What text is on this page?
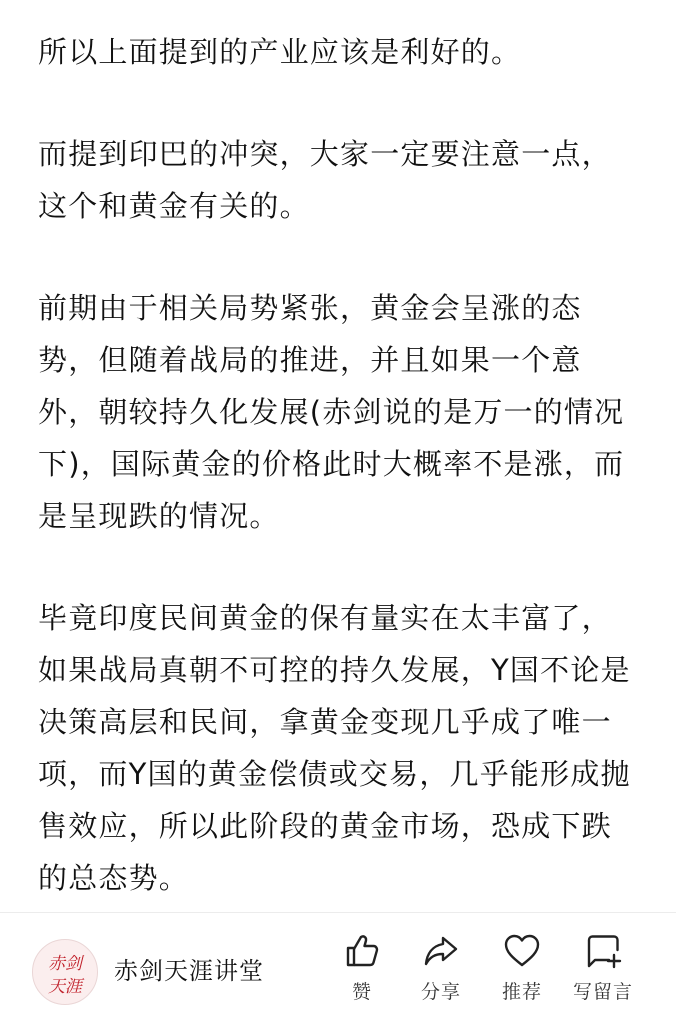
所以上面提到的产业应该是利好的。

而提到印巴的冲突，大家一定要注意一点，这个和黄金有关的。

前期由于相关局势紧张，黄金会呈涨的态势，但随着战局的推进，并且如果一个意外，朝较持久化发展(赤剑说的是万一的情况下)，国际黄金的价格此时大概率不是涨，而是呈现跌的情况。

毕竟印度民间黄金的保有量实在太丰富了，如果战局真朝不可控的持久发展，Y国不论是决策高层和民间，拿黄金变现几乎成了唯一项，而Y国的黄金偿债或交易，几乎能形成抛售效应，所以此阶段的黄金市场，恐成下跌的总态势。

赤剑
天涯
赤剑天涯讲堂
赞	分享	推荐	写留言
